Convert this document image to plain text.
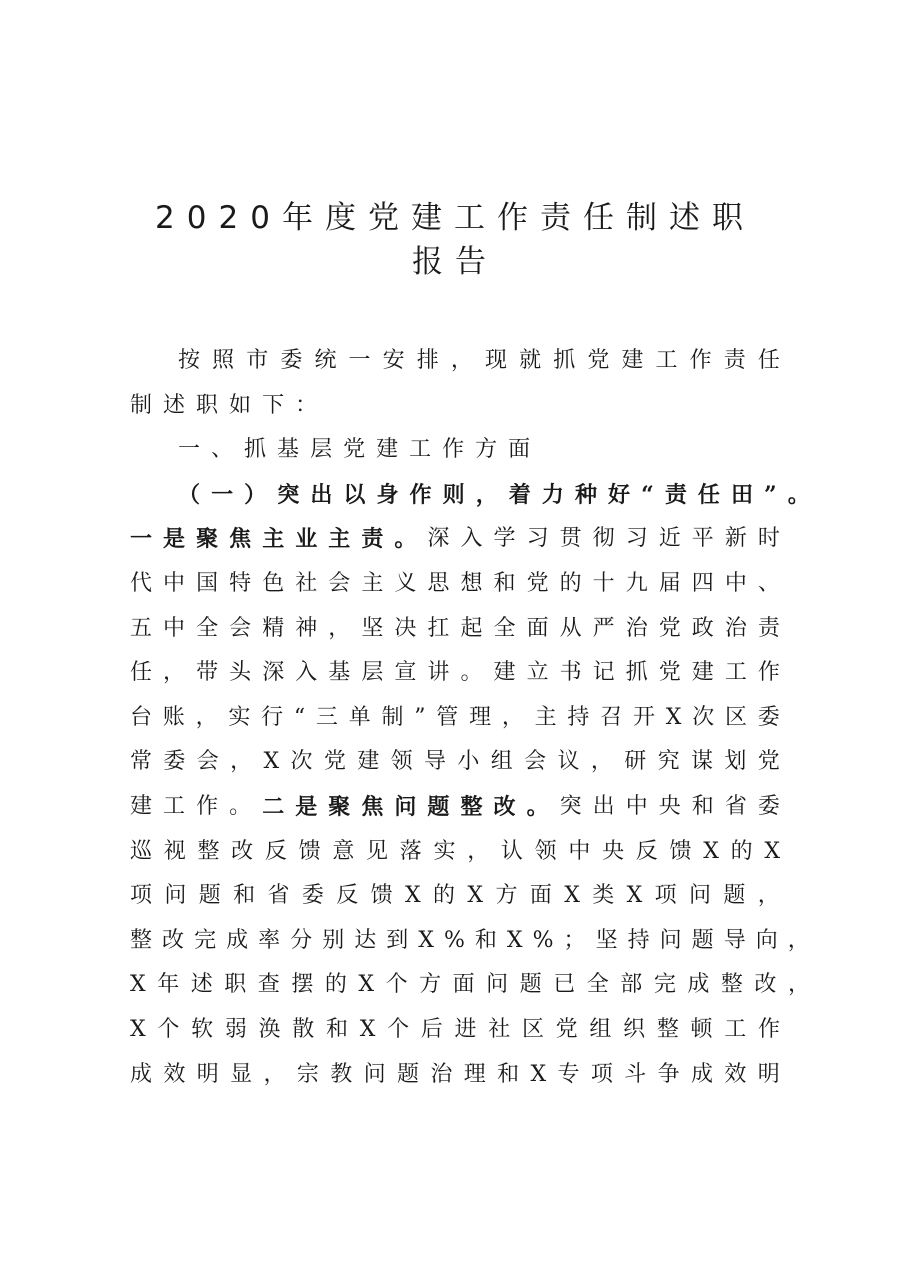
2020年度党建工作责任制述职
报告
按 照 市 委 统 一 安 排 ， 现 就 抓 党 建 工 作 责 任
制 述 职 如 下 ：
一 、 抓 基 层 党 建 工 作 方 面
（ 一 ） 突 出 以 身 作 则 ， 着 力 种 好 “ 责 任 田 ” 。
一 是 聚 焦 主 业 主 责 。 深 入 学 习 贯 彻 习 近 平 新 时
代 中 国 特 色 社 会 主 义 思 想 和 党 的 十 九 届 四 中 、
五 中 全 会 精 神 ， 坚 决 扛 起 全 面 从 严 治 党 政 治 责
任 ， 带 头 深 入 基 层 宣 讲 。 建 立 书 记 抓 党 建 工 作
台 账 ， 实 行 “ 三 单 制 ” 管 理 ， 主 持 召 开 X 次 区 委
常 委 会 ， X 次 党 建 领 导 小 组 会 议 ， 研 究 谋 划 党
建 工 作 。 二 是 聚 焦 问 题 整 改 。 突 出 中 央 和 省 委
巡 视 整 改 反 馈 意 见 落 实 ， 认 领 中 央 反 馈 X 的 X
项 问 题 和 省 委 反 馈 X 的 X 方 面 X 类 X 项 问 题 ，
整 改 完 成 率 分 别 达 到 X % 和 X % ； 坚 持 问 题 导 向 ，
X 年 述 职 查 摆 的 X 个 方 面 问 题 已 全 部 完 成 整 改 ，
X 个 软 弱 涣 散 和 X 个 后 进 社 区 党 组 织 整 顿 工 作
成 效 明 显 ， 宗 教 问 题 治 理 和 X 专 项 斗 争 成 效 明
